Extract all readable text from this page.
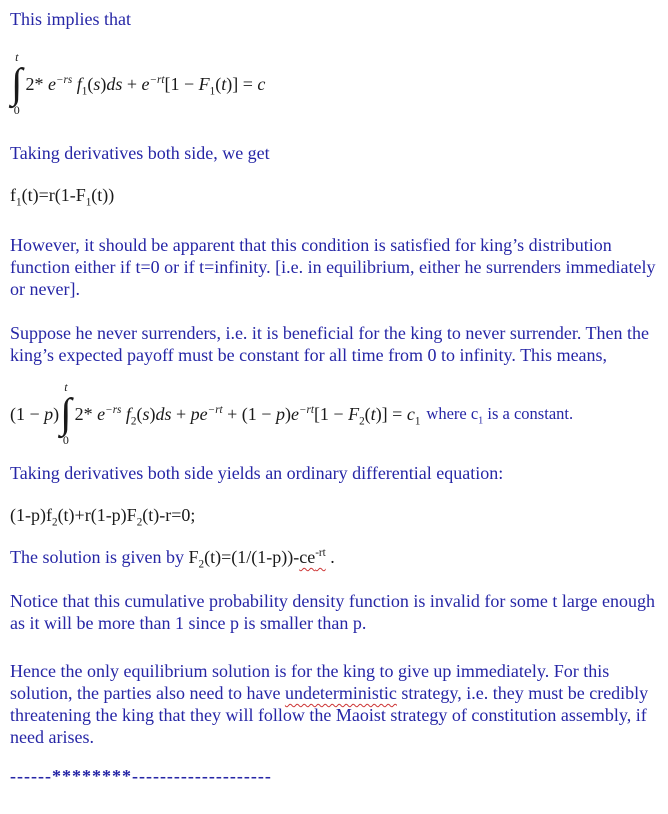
This implies that

t
∫
0
2* $e^{-rs}$ $f_1(s)ds + e^{-rt}[1 - F_1(t)] = c$

Taking derivatives both side, we get

$f_1(t)=r(1-F_1(t))$

However, it should be apparent that this condition is satisfied for king’s distribution function either if t=0 or if t=infinity. [i.e. in equilibrium, either he surrenders immediately or never].

Suppose he never surrenders, i.e. it is beneficial for the king to never surrender. Then the king’s expected payoff must be constant for all time from 0 to infinity. This means,

(1 − p)
t
∫
0
2* $e^{-rs}$ $f_2(s)ds + pe^{-rt} + (1 - p)e^{-rt}[1 - F_2(t)] = c_1$ where $c_1$ is a constant.

Taking derivatives both side yields an ordinary differential equation:

$(1-p)f_2(t)+r(1-p)F_2(t)-r=0$;

The solution is given by $F_2(t)=(1/(1-p))-ce^{-rt}$ .

Notice that this cumulative probability density function is invalid for some t large enough as it will be more than 1 since p is smaller than p.

Hence the only equilibrium solution is for the king to give up immediately. For this solution, the parties also need to have undeterministic strategy, i.e. they must be credibly threatening the king that they will follow the Maoist strategy of constitution assembly, if need arises.

------********--------------------
